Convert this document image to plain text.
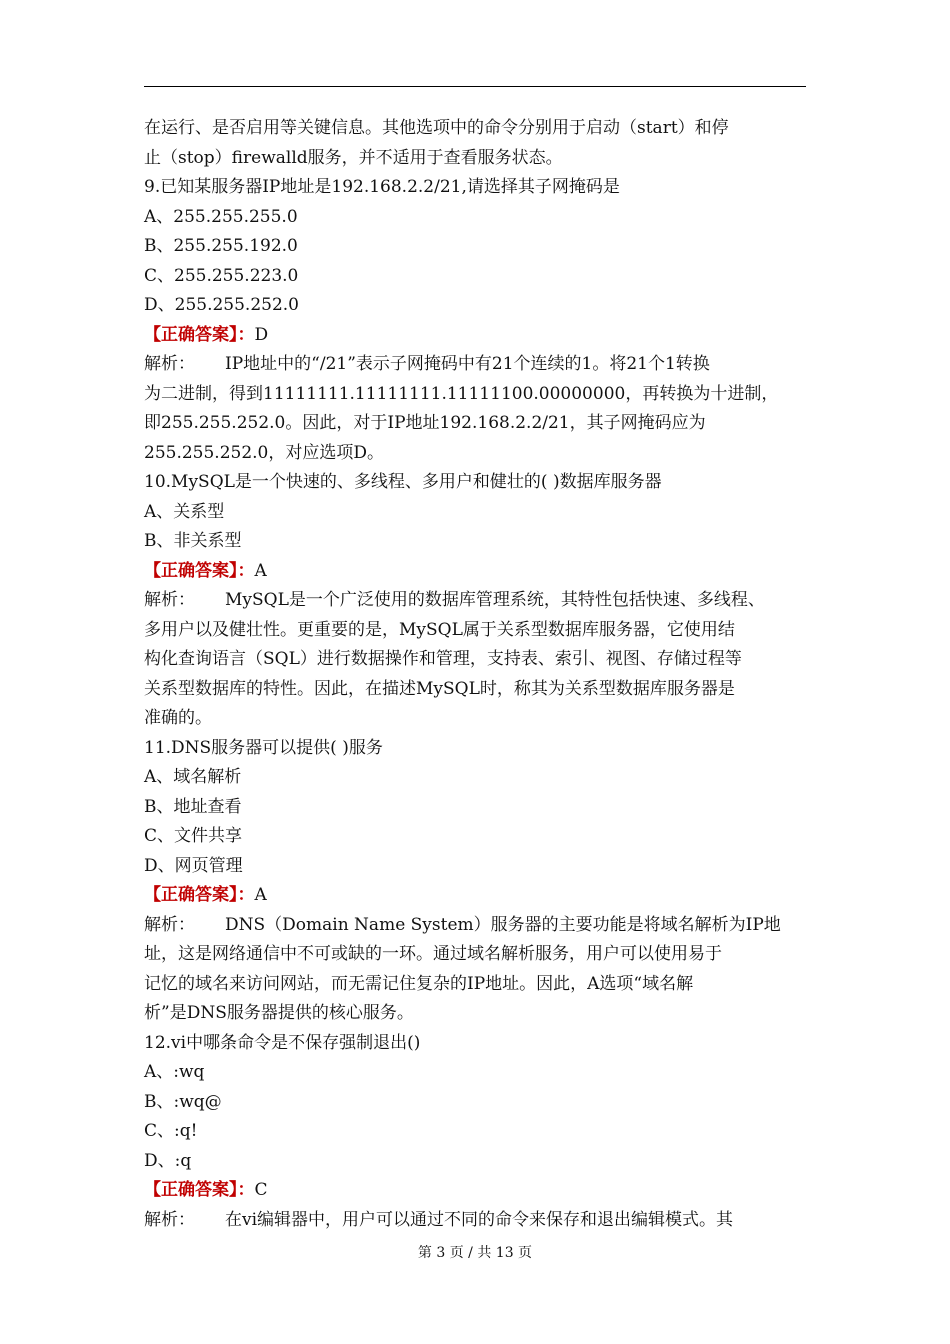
在运行、是否启用等关键信息。其他选项中的命令分别用于启动（start）和停
止（stop）firewalld服务，并不适用于查看服务状态。
9.已知某服务器IP地址是192.168.2.2/21,请选择其子网掩码是
A、255.255.255.0
B、255.255.192.0
C、255.255.223.0
D、255.255.252.0
【正确答案】：D
解析： IP地址中的“/21”表示子网掩码中有21个连续的1。将21个1转换
为二进制，得到11111111.11111111.11111100.00000000，再转换为十进制，
即255.255.252.0。因此，对于IP地址192.168.2.2/21，其子网掩码应为
255.255.252.0，对应选项D。
10.MySQL是一个快速的、多线程、多用户和健壮的( )数据库服务器
A、关系型
B、非关系型
【正确答案】：A
解析： MySQL是一个广泛使用的数据库管理系统，其特性包括快速、多线程、
多用户以及健壮性。更重要的是，MySQL属于关系型数据库服务器，它使用结
构化查询语言（SQL）进行数据操作和管理，支持表、索引、视图、存储过程等
关系型数据库的特性。因此，在描述MySQL时，称其为关系型数据库服务器是
准确的。
11.DNS服务器可以提供( )服务
A、域名解析
B、地址查看
C、文件共享
D、网页管理
【正确答案】：A
解析： DNS（Domain Name System）服务器的主要功能是将域名解析为IP地
址，这是网络通信中不可或缺的一环。通过域名解析服务，用户可以使用易于
记忆的域名来访问网站，而无需记住复杂的IP地址。因此，A选项“域名解
析”是DNS服务器提供的核心服务。
12.vi中哪条命令是不保存强制退出()
A、:wq
B、:wq@
C、:q!
D、:q
【正确答案】：C
解析： 在vi编辑器中，用户可以通过不同的命令来保存和退出编辑模式。其
第 3 页 / 共 13 页
